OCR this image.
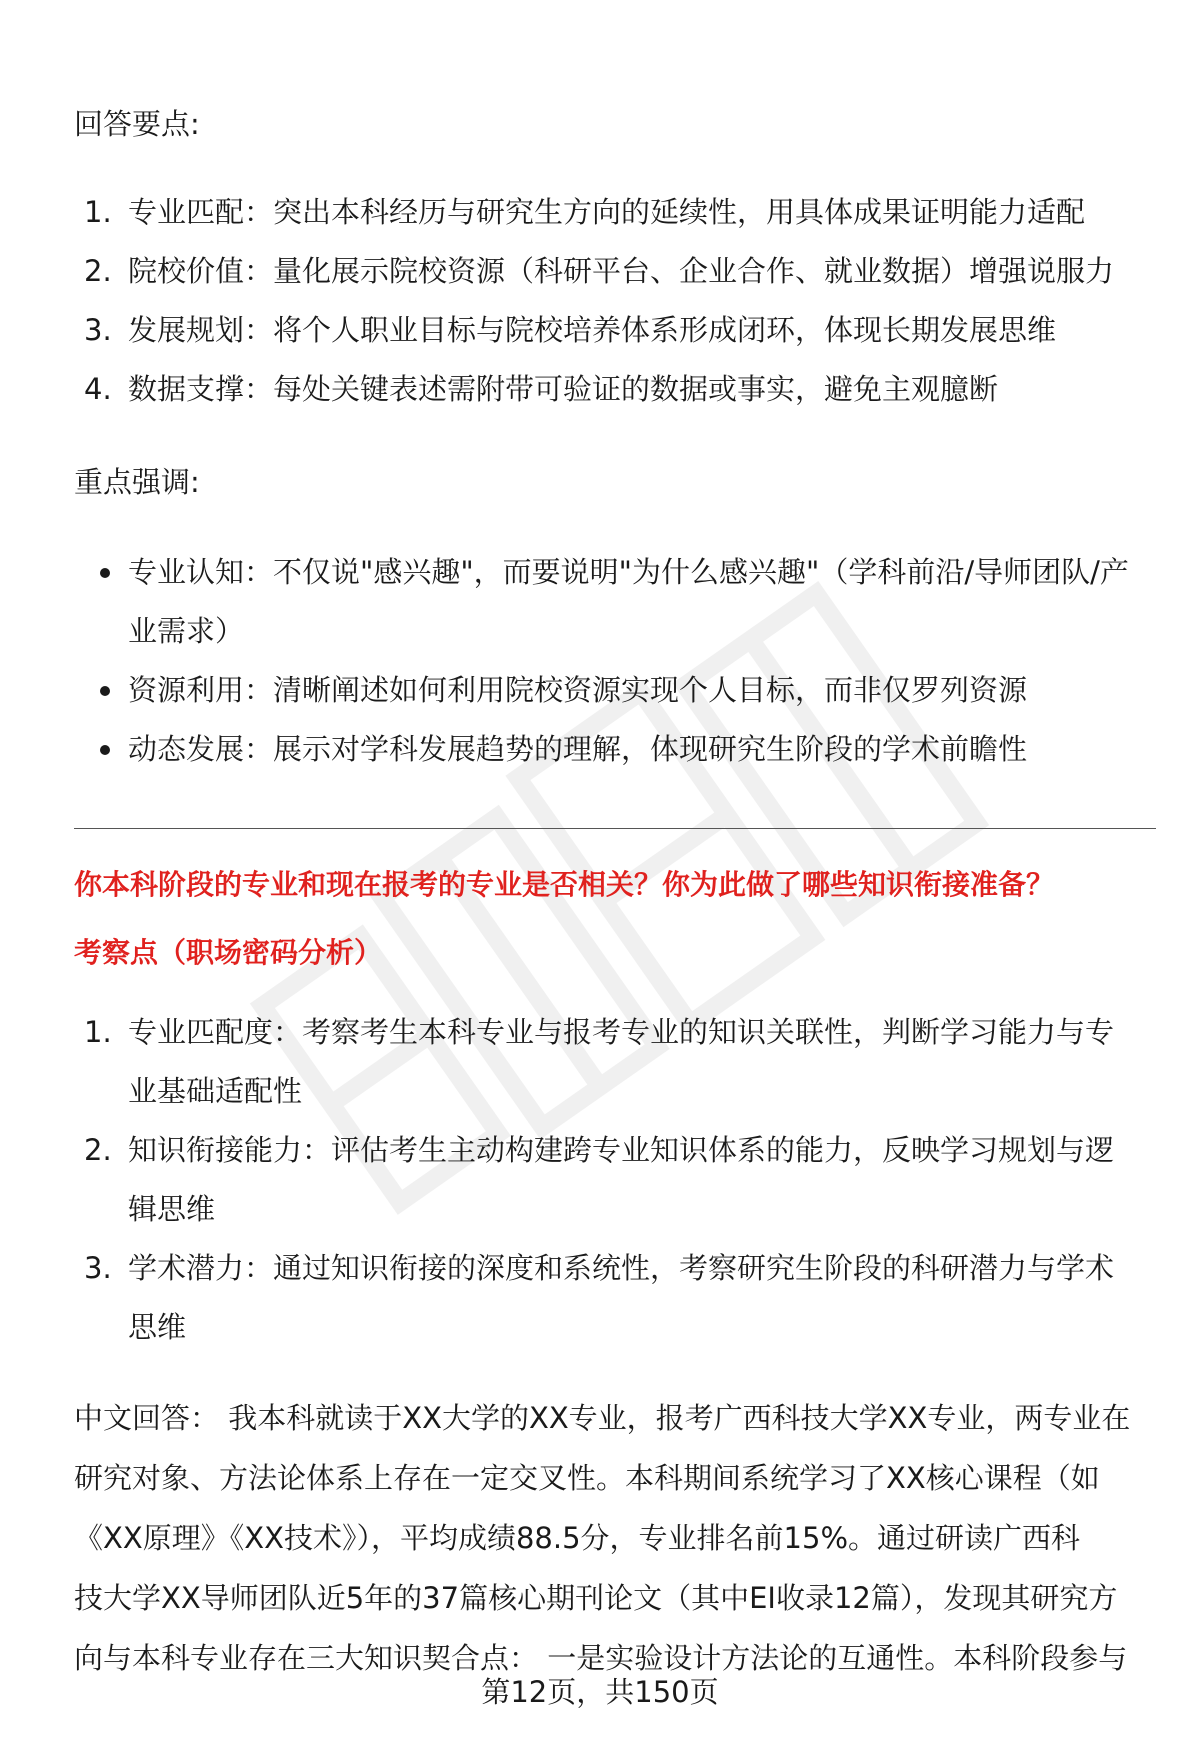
回答要点:
1. 专业匹配：突出本科经历与研究生方向的延续性，用具体成果证明能力适配
2. 院校价值：量化展示院校资源（科研平台、企业合作、就业数据）增强说服力
3. 发展规划：将个人职业目标与院校培养体系形成闭环，体现长期发展思维
4. 数据支撑：每处关键表述需附带可验证的数据或事实，避免主观臆断
重点强调:
专业认知：不仅说"感兴趣"，而要说明"为什么感兴趣"（学科前沿/导师团队/产
业需求）
资源利用：清晰阐述如何利用院校资源实现个人目标，而非仅罗列资源
动态发展：展示对学科发展趋势的理解，体现研究生阶段的学术前瞻性
你本科阶段的专业和现在报考的专业是否相关？你为此做了哪些知识衔接准备？
考察点（职场密码分析）
1. 专业匹配度：考察考生本科专业与报考专业的知识关联性，判断学习能力与专
业基础适配性
2. 知识衔接能力：评估考生主动构建跨专业知识体系的能力，反映学习规划与逻
辑思维
3. 学术潜力：通过知识衔接的深度和系统性，考察研究生阶段的科研潜力与学术
思维
中文回答： 我本科就读于XX大学的XX专业，报考广西科技大学XX专业，两专业在
研究对象、方法论体系上存在一定交叉性。本科期间系统学习了XX核心课程（如
《XX原理》《XX技术》），平均成绩88.5分，专业排名前15%。通过研读广西科
技大学XX导师团队近5年的37篇核心期刊论文（其中EI收录12篇），发现其研究方
向与本科专业存在三大知识契合点： 一是实验设计方法论的互通性。本科阶段参与
第12页，共150页
